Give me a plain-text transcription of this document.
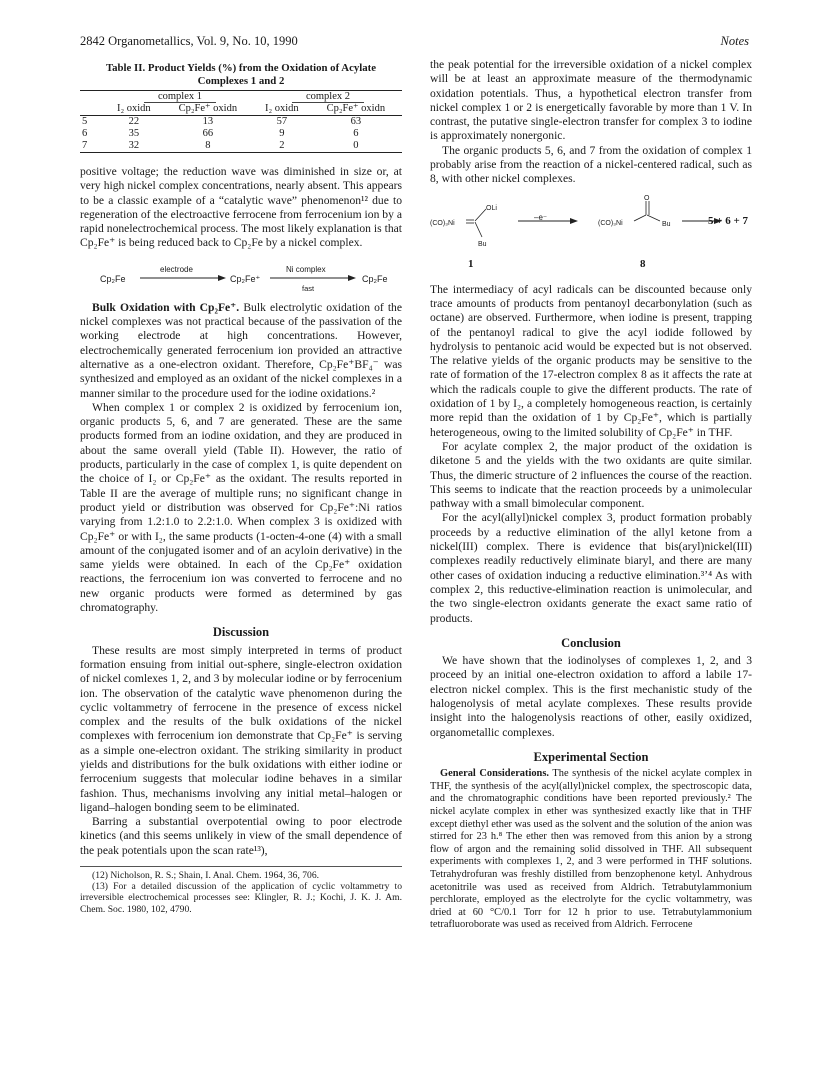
2842 Organometallics, Vol. 9, No. 10, 1990	Notes
Table II. Product Yields (%) from the Oxidation of Acylate Complexes 1 and 2
	complex 1		complex 2	
	I₂ oxidn	Cp₂Fe⁺ oxidn	I₂ oxidn	Cp₂Fe⁺ oxidn
5	22	13	57	63
6	35	66	9	6
7	32	8	2	0

positive voltage; the reduction wave was diminished in size or, at very high nickel complex concentrations, nearly absent. This appears to be a classic example of a “catalytic wave” phenomenon¹² due to regeneration of the electroactive ferrocene from ferrocenium ion by a rapid nonelectrochemical process. The most likely explanation is that Cp₂Fe⁺ is being reduced back to Cp₂Fe by a nickel complex.

Cp₂Fe
electrode
Cp₂Fe⁺
Ni complex
fast
Cp₂Fe

Bulk Oxidation with Cp₂Fe⁺. Bulk electrolytic oxidation of the nickel complexes was not practical because of the passivation of the working electrode at high concentrations. However, electrochemically generated ferrocenium ion provided an attractive alternative as a one-electron oxidant. Therefore, Cp₂Fe⁺BF₄⁻ was synthesized and employed as an oxidant of the nickel complexes in a manner similar to the procedure used for the iodine oxidations.²

When complex 1 or complex 2 is oxidized by ferrocenium ion, organic products 5, 6, and 7 are generated. These are the same products formed from an iodine oxidation, and they are produced in about the same overall yield (Table II). However, the ratio of products, particularly in the case of complex 1, is quite dependent on the choice of I₂ or Cp₂Fe⁺ as the oxidant. The results reported in Table II are the average of multiple runs; no significant change in product yield or distribution was observed for Cp₂Fe⁺:Ni ratios varying from 1.2:1.0 to 2.2:1.0. When complex 3 is oxidized with Cp₂Fe⁺ or with I₂, the same products (1-octen-4-one (4) with a small amount of the conjugated isomer and of an acyloin derivative) in the same yields were obtained. In each of the Cp₂Fe⁺ oxidation reactions, the ferrocenium ion was converted to ferrocene and no new organic products were formed as determined by gas chromatography.

Discussion

These results are most simply interpreted in terms of product formation ensuing from initial out-sphere, single-electron oxidation of nickel comlexes 1, 2, and 3 by molecular iodine or by ferrocenium ion. The observation of the catalytic wave phenomenon during the cyclic voltammetry of ferrocene in the presence of excess nickel complex and the results of the bulk oxidations of the nickel complexes with ferrocenium ion demonstrate that Cp₂Fe⁺ is serving as a simple one-electron oxidant. The striking similarity in product yields and distributions for the bulk oxidations with either iodine or ferrocenium suggests that molecular iodine behaves in a similar fashion. Thus, mechanisms involving any initial metal–halogen or ligand–halogen bonding seem to be eliminated.

Barring a substantial overpotential owing to poor electrode kinetics (and this seems unlikely in view of the small dependence of the peak potentials upon the scan rate¹³),

(12) Nicholson, R. S.; Shain, I. Anal. Chem. 1964, 36, 706.
(13) For a detailed discussion of the application of cyclic voltammetry to irreversible electrochemical processes see: Klingler, R. J.; Kochi, J. K. J. Am. Chem. Soc. 1980, 102, 4790.

the peak potential for the irreversible oxidation of a nickel complex will be at least an approximate measure of the thermodynamic oxidation potentials. Thus, a hypothetical electron transfer from nickel complex 1 or 2 is energetically favorable by more than 1 V. In contrast, the putative single-electron transfer for complex 3 to iodine is approximately nonergonic.

The organic products 5, 6, and 7 from the oxidation of complex 1 probably arise from the reaction of a nickel-centered radical, such as 8, with other nickel complexes.

(CO)₃Ni
OLi
Bu
–e⁻
(CO)₃Ni
O
Bu	5 + 6 + 7
1	8

The intermediacy of acyl radicals can be discounted because only trace amounts of products from pentanoyl decarbonylation (such as octane) are observed. Furthermore, when iodine is present, trapping of the pentanoyl radical to give the acyl iodide followed by hydrolysis to pentanoic acid would be expected but is not observed. The relative yields of the organic products may be sensitive to the rate of formation of the 17-electron complex 8 as it affects the rate at which the radicals couple to give the different products. The rate of oxidation of 1 by I₂, a completely homogeneous reaction, is certainly more repid than the oxidation of 1 by Cp₂Fe⁺, which is partially heterogeneous, owing to the limited solubility of Cp₂Fe⁺ in THF.

For acylate complex 2, the major product of the oxidation is diketone 5 and the yields with the two oxidants are quite similar. Thus, the dimeric structure of 2 influences the course of the reaction. This seems to indicate that the reaction proceeds by a unimolecular pathway with a small bimolecular component.

For the acyl(allyl)nickel complex 3, product formation probably proceeds by a reductive elimination of the allyl ketone from a nickel(III) complex. There is evidence that bis(aryl)nickel(III) complexes readily reductively eliminate biaryl, and there are many other cases of oxidation inducing a reductive elimination.³ʼ⁴ As with complex 2, this reductive-elimination reaction is unimolecular, and the two single-electron oxidants generate the exact same ratio of products.

Conclusion

We have shown that the iodinolyses of complexes 1, 2, and 3 proceed by an initial one-electron oxidation to afford a labile 17-electron nickel complex. This is the first mechanistic study of the halogenolysis of metal acylate complexes. These results provide insight into the halogenolysis reactions of other, easily oxidized, organometallic complexes.

Experimental Section

General Considerations. The synthesis of the nickel acylate complex in THF, the synthesis of the acyl(allyl)nickel complex, the spectroscopic data, and the chromatographic conditions have been reported previously.² The nickel acylate complex in ether was synthesized exactly like that in THF except diethyl ether was used as the solvent and the solution of the anion was stirred for 23 h.⁸ The ether then was removed from this anion by a strong flow of argon and the remaining solid dissolved in THF. All subsequent experiments with complexes 1, 2, and 3 were performed in THF solutions. Tetrahydrofuran was freshly distilled from benzophenone ketyl. Anhydrous acetonitrile was used as received from Aldrich. Tetrabutylammonium perchlorate, employed as the electrolyte for the cyclic voltammetry, was dried at 60 °C/0.1 Torr for 12 h prior to use. Tetrabutylammonium tetrafluoroborate was used as received from Aldrich. Ferrocene
